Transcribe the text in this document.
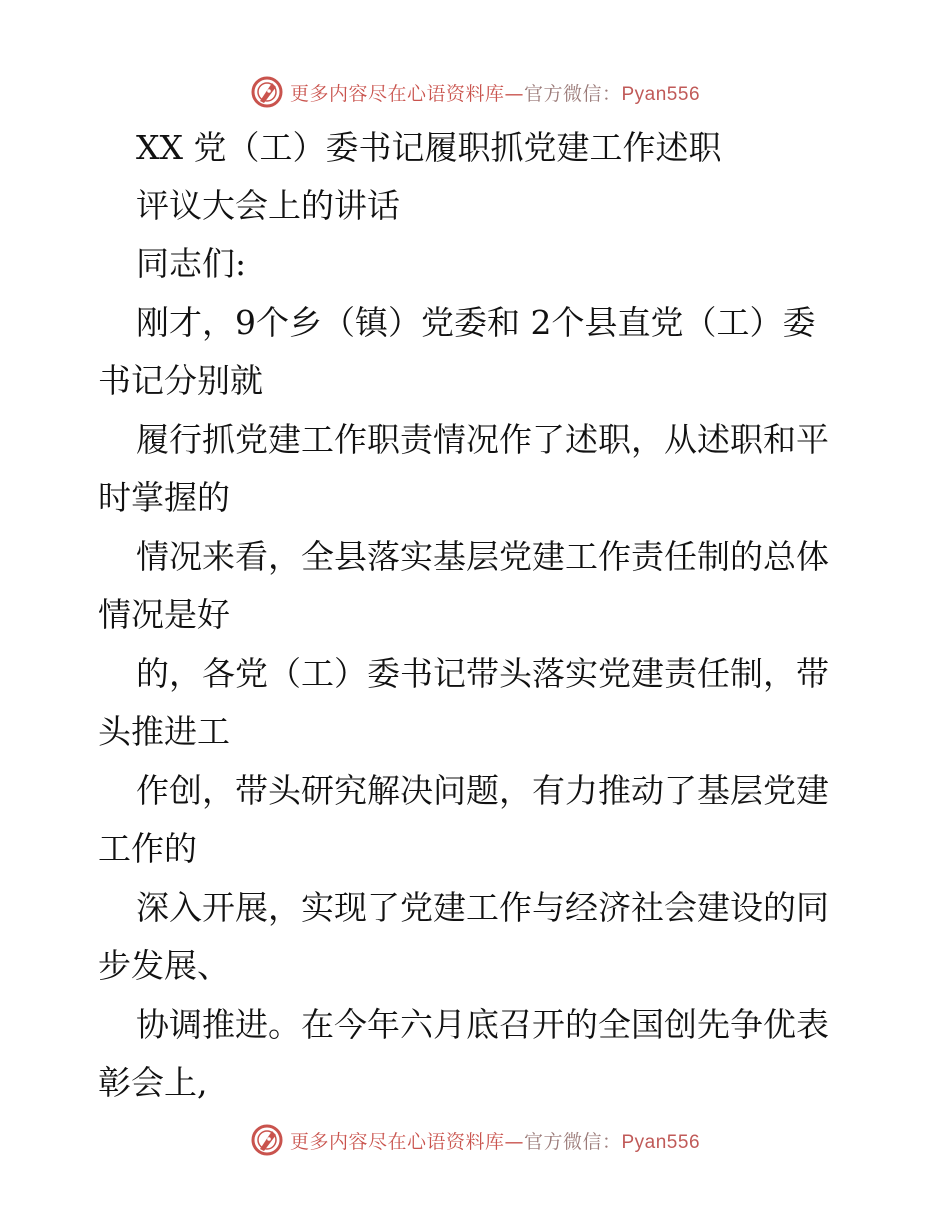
更多内容尽在心语资料库—官方微信：Pyan556
XX 党（工）委书记履职抓党建工作述职
评议大会上的讲话
同志们:
刚才，9个乡（镇）党委和 2个县直党（工）委
书记分别就
履行抓党建工作职责情况作了述职，从述职和平
时掌握的
情况来看，全县落实基层党建工作责任制的总体
情况是好
的，各党（工）委书记带头落实党建责任制，带
头推进工
作创，带头研究解决问题，有力推动了基层党建
工作的
深入开展，实现了党建工作与经济社会建设的同
步发展、
协调推进。在今年六月底召开的全国创先争优表
彰会上,
更多内容尽在心语资料库—官方微信：Pyan556
